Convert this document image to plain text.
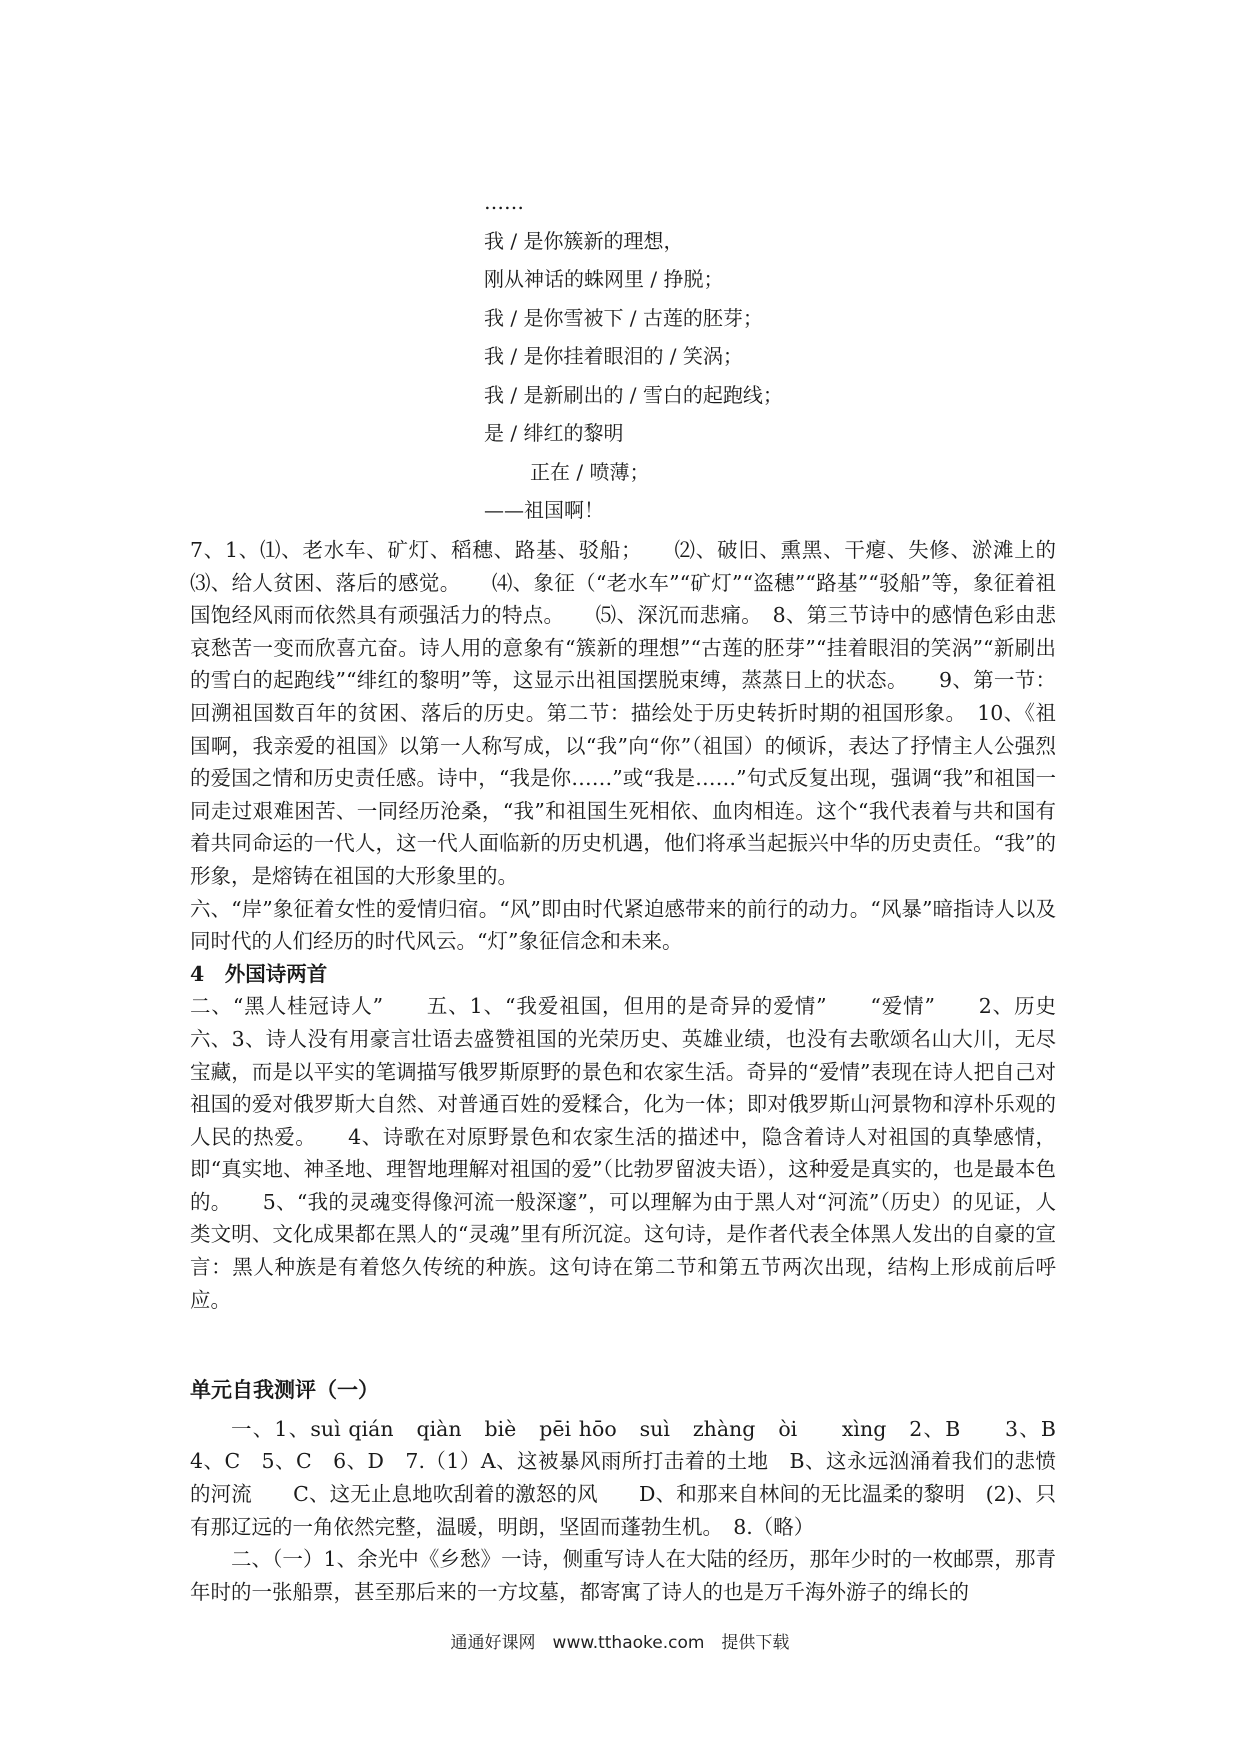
……
我 / 是你簇新的理想，
刚从神话的蛛网里 / 挣脱；
我 / 是你雪被下 / 古莲的胚芽；
我 / 是你挂着眼泪的 / 笑涡；
我 / 是新刷出的 / 雪白的起跑线；
是 / 绯红的黎明
正在 / 喷薄；
——祖国啊！

7、1、⑴、老水车、矿灯、稻穗、路基、驳船；　　⑵、破旧、熏黑、干瘪、失修、淤滩上的　　⑶、给人贫困、落后的感觉。　　⑷、象征（“老水车”“矿灯”“盗穗”“路基”“驳船”等，象征着祖国饱经风雨而依然具有顽强活力的特点。　　⑸、深沉而悲痛。　8、第三节诗中的感情色彩由悲哀愁苦一变而欣喜亢奋。诗人用的意象有“簇新的理想”“古莲的胚芽”“挂着眼泪的笑涡”“新刷出的雪白的起跑线”“绯红的黎明”等，这显示出祖国摆脱束缚，蒸蒸日上的状态。　　9、第一节：回溯祖国数百年的贫困、落后的历史。第二节：描绘处于历史转折时期的祖国形象。　10、《祖国啊，我亲爱的祖国》以第一人称写成，以“我”向“你”（祖国）的倾诉，表达了抒情主人公强烈的爱国之情和历史责任感。诗中，“我是你……”或“我是……”句式反复出现，强调“我”和祖国一同走过艰难困苦、一同经历沧桑，“我”和祖国生死相依、血肉相连。这个“我代表着与共和国有着共同命运的一代人，这一代人面临新的历史机遇，他们将承当起振兴中华的历史责任。“我”的形象，是熔铸在祖国的大形象里的。

六、“岸”象征着女性的爱情归宿。“风”即由时代紧迫感带来的前行的动力。“风暴”暗指诗人以及同时代的人们经历的时代风云。“灯”象征信念和未来。

4　外国诗两首

二、“黑人桂冠诗人”　　五、1、“我爱祖国，但用的是奇异的爱情”　　“爱情”　　2、历史　六、3、诗人没有用豪言壮语去盛赞祖国的光荣历史、英雄业绩，也没有去歌颂名山大川，无尽宝藏，而是以平实的笔调描写俄罗斯原野的景色和农家生活。奇异的“爱情”表现在诗人把自己对祖国的爱对俄罗斯大自然、对普通百姓的爱糅合，化为一体；即对俄罗斯山河景物和淳朴乐观的人民的热爱。　　4、诗歌在对原野景色和农家生活的描述中，隐含着诗人对祖国的真挚感情，即“真实地、神圣地、理智地理解对祖国的爱”（比勃罗留波夫语），这种爱是真实的，也是最本色的。　　5、“我的灵魂变得像河流一般深邃”，可以理解为由于黑人对“河流”（历史）的见证，人类文明、文化成果都在黑人的“灵魂”里有所沉淀。这句诗，是作者代表全体黑人发出的自豪的宣言：黑人种族是有着悠久传统的种族。这句诗在第二节和第五节两次出现，结构上形成前后呼应。

单元自我测评（一）

一、1、suì qián　qiàn　biè　pēi hōo　suì　zhàng　òi　　xìng　2、B　　3、B　　4、C　5、C　6、D　7.（1）A、这被暴风雨所打击着的土地　B、这永远汹涌着我们的悲愤的河流　　C、这无止息地吹刮着的激怒的风　　D、和那来自林间的无比温柔的黎明　(2)、只有那辽远的一角依然完整，温暖，明朗，坚固而蓬勃生机。　8.（略）

二、（一）1、余光中《乡愁》一诗，侧重写诗人在大陆的经历，那年少时的一枚邮票，那青年时的一张船票，甚至那后来的一方坟墓，都寄寓了诗人的也是万千海外游子的绵长的

通通好课网　www.tthaoke.com　提供下载
